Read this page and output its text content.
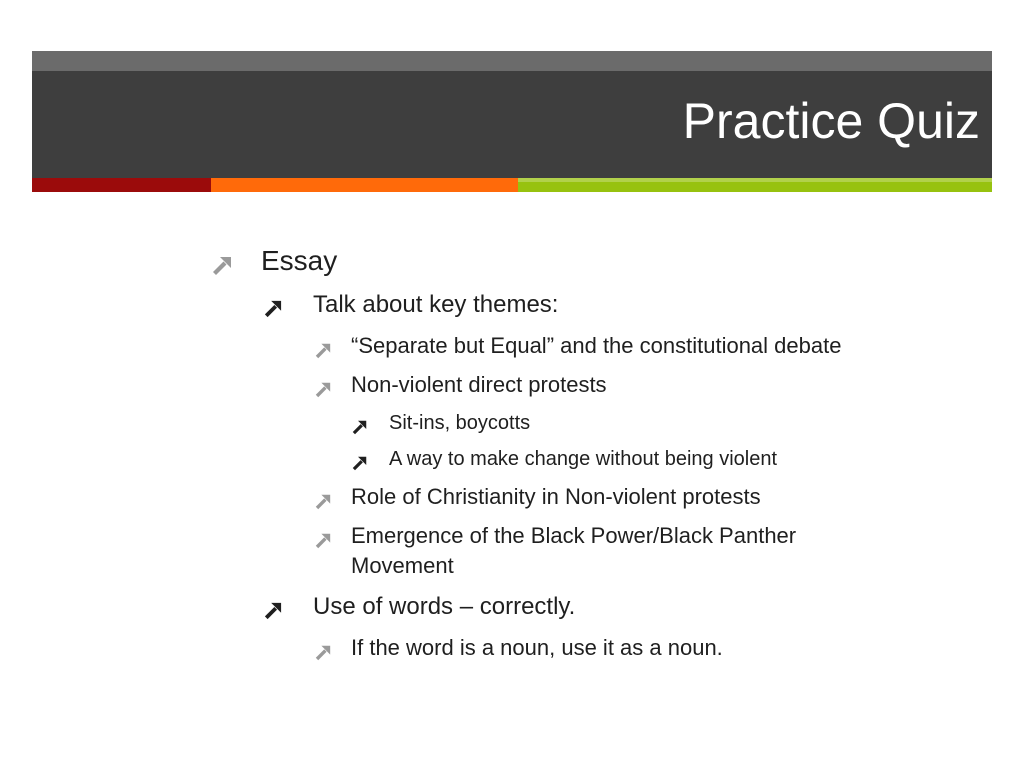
Practice Quiz
Essay
Talk about key themes:
“Separate but Equal” and the constitutional debate
Non-violent direct protests
Sit-ins, boycotts
A way to make change without being violent
Role of Christianity in Non-violent protests
Emergence of the Black Power/Black Panther
Movement
Use of words – correctly.
If the word is a noun, use it as a noun.
